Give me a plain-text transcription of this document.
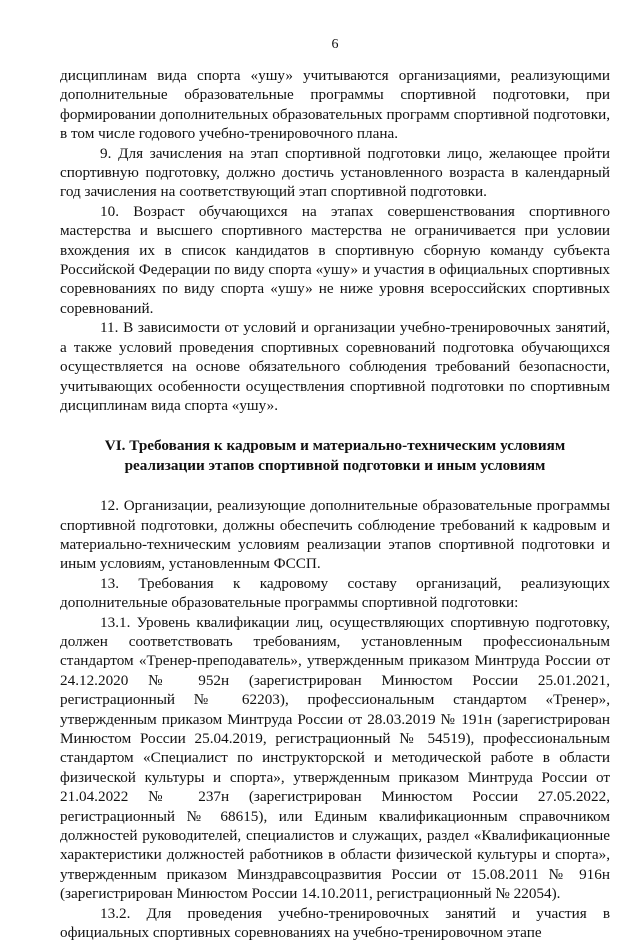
6

дисциплинам вида спорта «ушу» учитываются организациями, реализующими дополнительные образовательные программы спортивной подготовки, при формировании дополнительных образовательных программ спортивной подготовки, в том числе годового учебно-тренировочного плана.

9. Для зачисления на этап спортивной подготовки лицо, желающее пройти спортивную подготовку, должно достичь установленного возраста в календарный год зачисления на соответствующий этап спортивной подготовки.

10. Возраст обучающихся на этапах совершенствования спортивного мастерства и высшего спортивного мастерства не ограничивается при условии вхождения их в список кандидатов в спортивную сборную команду субъекта Российской Федерации по виду спорта «ушу» и участия в официальных спортивных соревнованиях по виду спорта «ушу» не ниже уровня всероссийских спортивных соревнований.

11. В зависимости от условий и организации учебно-тренировочных занятий, а также условий проведения спортивных соревнований подготовка обучающихся осуществляется на основе обязательного соблюдения требований безопасности, учитывающих особенности осуществления спортивной подготовки по спортивным дисциплинам вида спорта «ушу».

VI. Требования к кадровым и материально-техническим условиям
реализации этапов спортивной подготовки и иным условиям

12. Организации, реализующие дополнительные образовательные программы спортивной подготовки, должны обеспечить соблюдение требований к кадровым и материально-техническим условиям реализации этапов спортивной подготовки и иным условиям, установленным ФССП.

13. Требования к кадровому составу организаций, реализующих дополнительные образовательные программы спортивной подготовки:

13.1. Уровень квалификации лиц, осуществляющих спортивную подготовку, должен соответствовать требованиям, установленным профессиональным стандартом «Тренер-преподаватель», утвержденным приказом Минтруда России от 24.12.2020 № 952н (зарегистрирован Минюстом России 25.01.2021, регистрационный № 62203), профессиональным стандартом «Тренер», утвержденным приказом Минтруда России от 28.03.2019 № 191н (зарегистрирован Минюстом России 25.04.2019, регистрационный № 54519), профессиональным стандартом «Специалист по инструкторской и методической работе в области физической культуры и спорта», утвержденным приказом Минтруда России от 21.04.2022 № 237н (зарегистрирован Минюстом России 27.05.2022, регистрационный № 68615), или Единым квалификационным справочником должностей руководителей, специалистов и служащих, раздел «Квалификационные характеристики должностей работников в области физической культуры и спорта», утвержденным приказом Минздравсоцразвития России от 15.08.2011 № 916н (зарегистрирован Минюстом России 14.10.2011, регистрационный № 22054).

13.2. Для проведения учебно-тренировочных занятий и участия в официальных спортивных соревнованиях на учебно-тренировочном этапе
